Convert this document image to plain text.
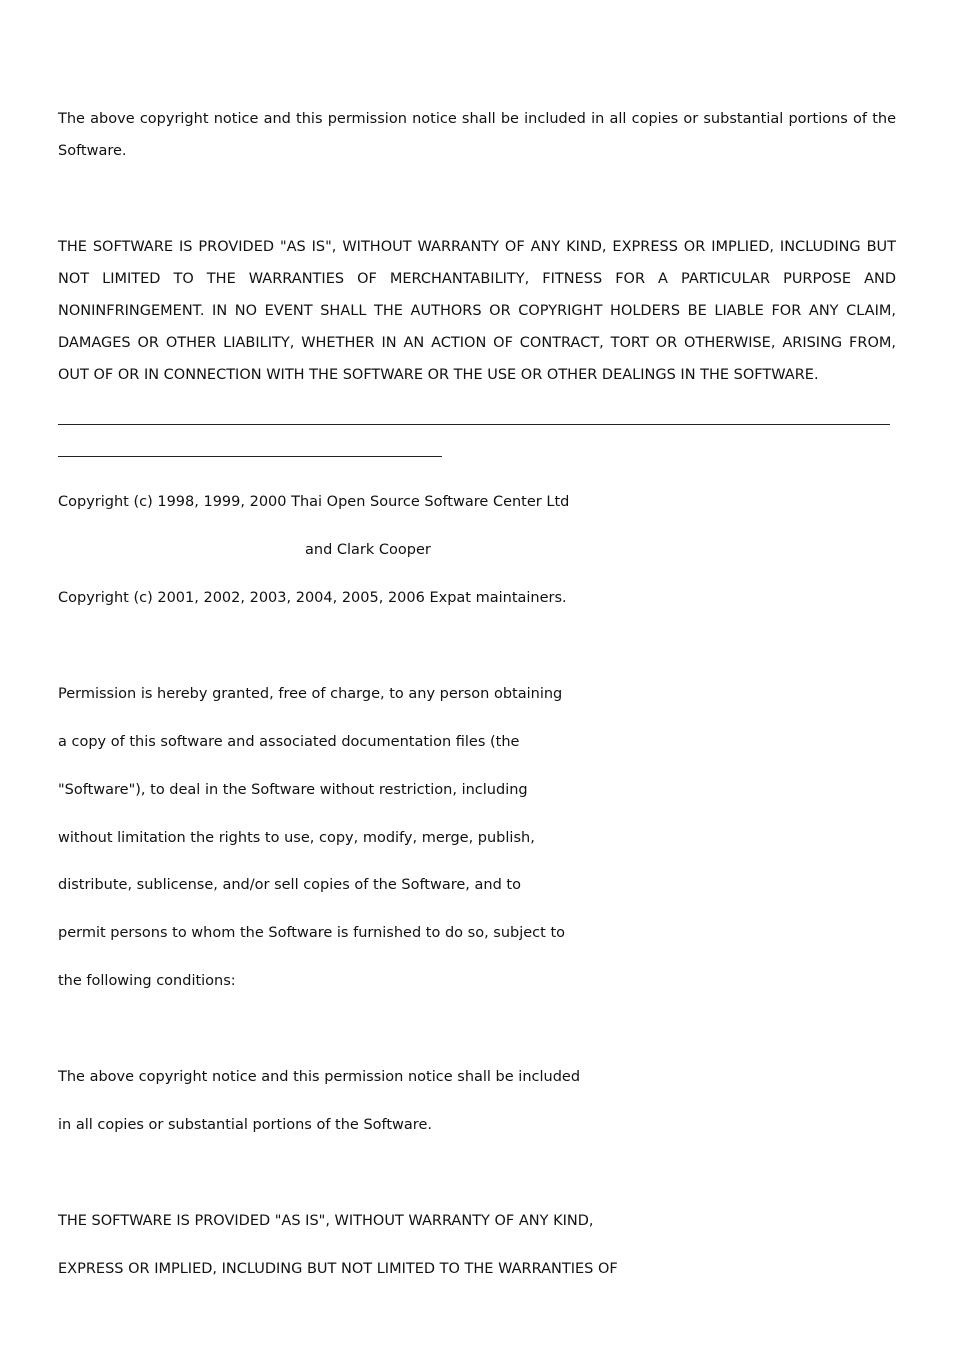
The above copyright notice and this permission notice shall be included in all copies or substantial portions of the Software.

THE SOFTWARE IS PROVIDED "AS IS", WITHOUT WARRANTY OF ANY KIND, EXPRESS OR IMPLIED, INCLUDING BUT NOT LIMITED TO THE WARRANTIES OF MERCHANTABILITY, FITNESS FOR A PARTICULAR PURPOSE AND NONINFRINGEMENT. IN NO EVENT SHALL THE AUTHORS OR COPYRIGHT HOLDERS BE LIABLE FOR ANY CLAIM, DAMAGES OR OTHER LIABILITY, WHETHER IN AN ACTION OF CONTRACT, TORT OR OTHERWISE, ARISING FROM, OUT OF OR IN CONNECTION WITH THE SOFTWARE OR THE USE OR OTHER DEALINGS IN THE SOFTWARE.

Copyright (c) 1998, 1999, 2000 Thai Open Source Software Center Ltd

and Clark Cooper

Copyright (c) 2001, 2002, 2003, 2004, 2005, 2006 Expat maintainers.

Permission is hereby granted, free of charge, to any person obtaining

a copy of this software and associated documentation files (the

"Software"), to deal in the Software without restriction, including

without limitation the rights to use, copy, modify, merge, publish,

distribute, sublicense, and/or sell copies of the Software, and to

permit persons to whom the Software is furnished to do so, subject to

the following conditions:

The above copyright notice and this permission notice shall be included

in all copies or substantial portions of the Software.

THE SOFTWARE IS PROVIDED "AS IS", WITHOUT WARRANTY OF ANY KIND,

EXPRESS OR IMPLIED, INCLUDING BUT NOT LIMITED TO THE WARRANTIES OF
